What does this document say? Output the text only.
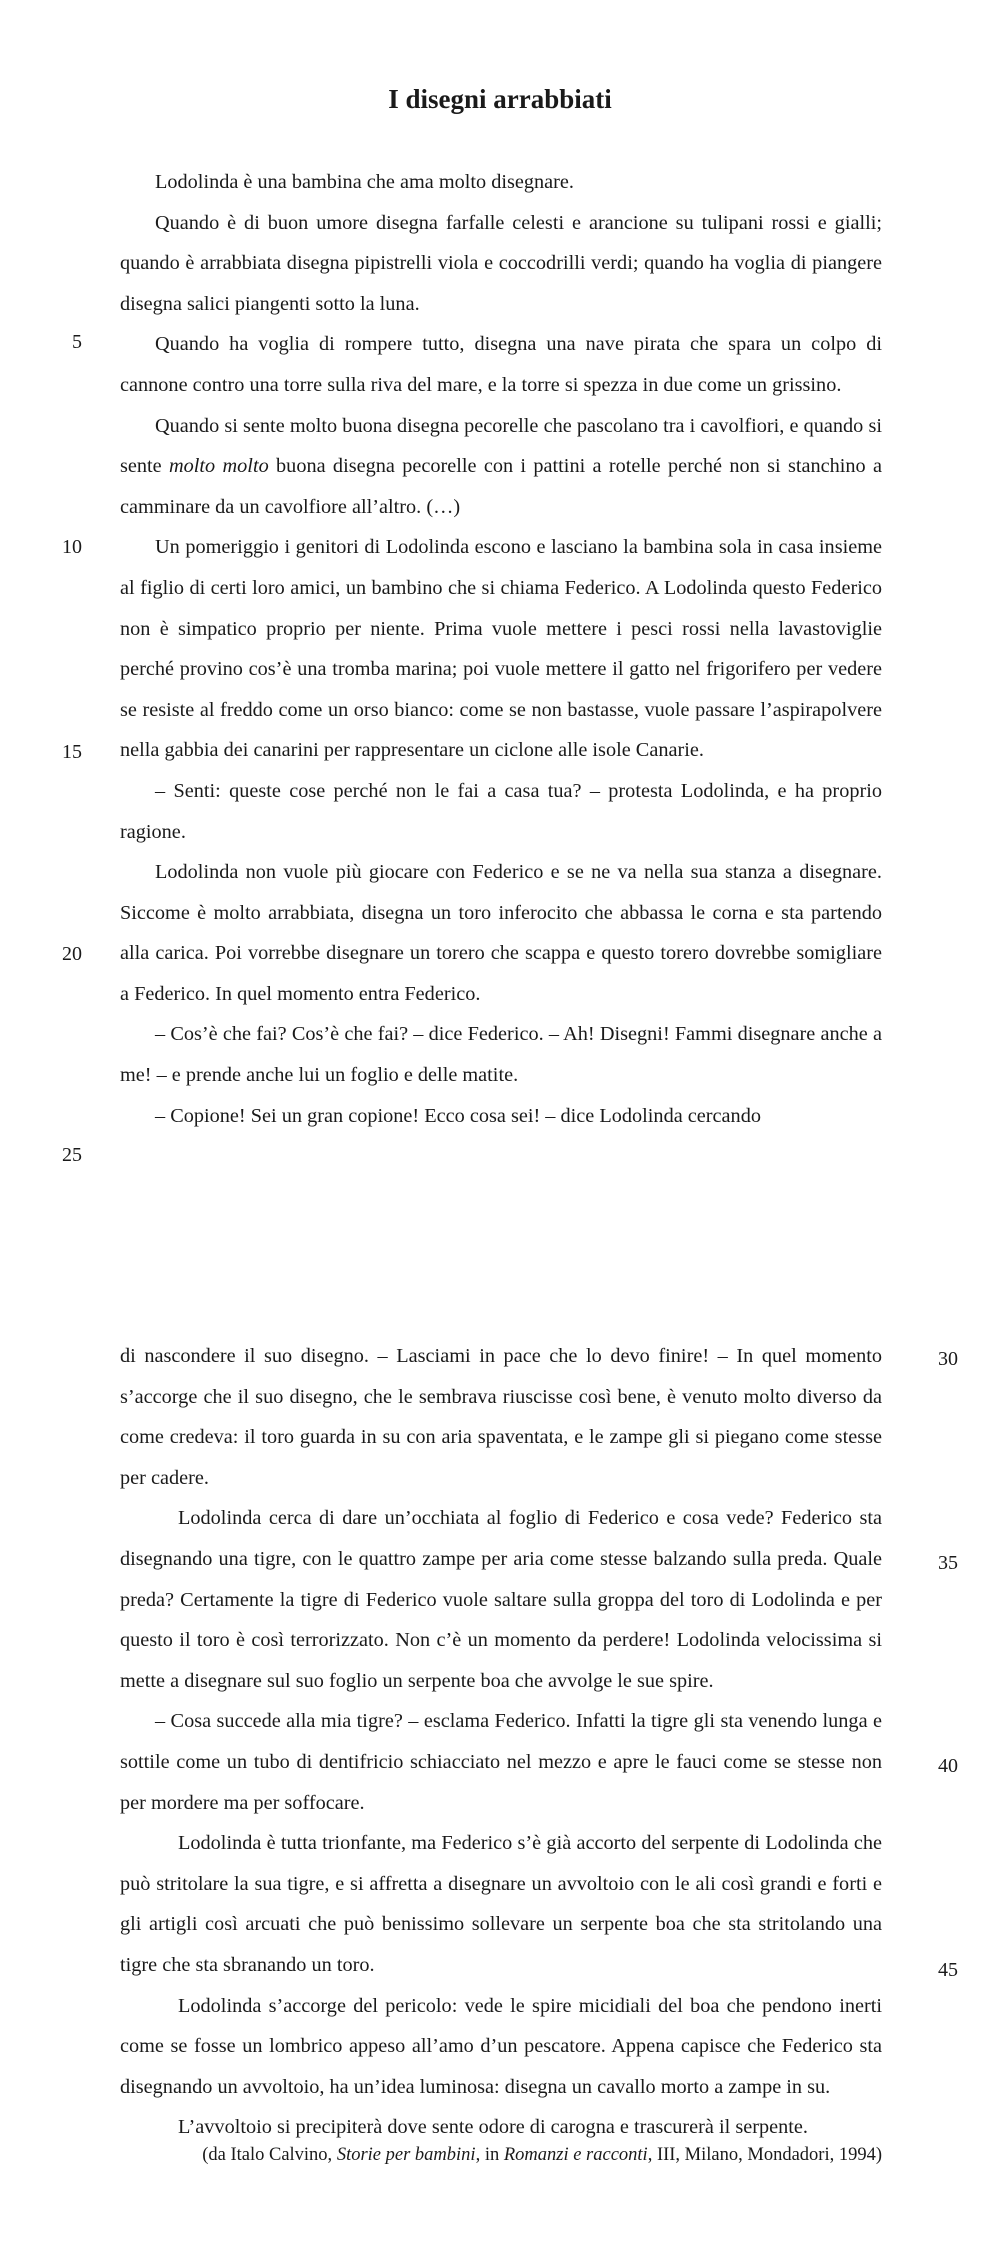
I disegni arrabbiati

Lodolinda è una bambina che ama molto disegnare.

Quando è di buon umore disegna farfalle celesti e arancione su tulipani rossi e gialli; quando è arrabbiata disegna pipistrelli viola e coccodrilli verdi; quando ha voglia di piangere disegna salici piangenti sotto la luna.

Quando ha voglia di rompere tutto, disegna una nave pirata che spara un colpo di cannone contro una torre sulla riva del mare, e la torre si spezza in due come un grissino.

Quando si sente molto buona disegna pecorelle che pascolano tra i cavolfiori, e quando si sente molto molto buona disegna pecorelle con i pattini a rotelle perché non si stanchino a camminare da un cavolfiore all’altro. (…)

Un pomeriggio i genitori di Lodolinda escono e lasciano la bambina sola in casa insieme al figlio di certi loro amici, un bambino che si chiama Federico. A Lodolinda questo Federico non è simpatico proprio per niente. Prima vuole mettere i pesci rossi nella lavastoviglie perché provino cos’è una tromba marina; poi vuole mettere il gatto nel frigorifero per vedere se resiste al freddo come un orso bianco: come se non bastasse, vuole passare l’aspirapolvere nella gabbia dei canarini per rappresentare un ciclone alle isole Canarie.

– Senti: queste cose perché non le fai a casa tua? – protesta Lodolinda, e ha proprio ragione.

Lodolinda non vuole più giocare con Federico e se ne va nella sua stanza a disegnare. Siccome è molto arrabbiata, disegna un toro inferocito che abbassa le corna e sta partendo alla carica. Poi vorrebbe disegnare un torero che scappa e questo torero dovrebbe somigliare a Federico. In quel momento entra Federico.

– Cos’è che fai? Cos’è che fai? – dice Federico. – Ah! Disegni! Fammi disegnare anche a me! – e prende anche lui un foglio e delle matite.

– Copione! Sei un gran copione! Ecco cosa sei! – dice Lodolinda cercando

di nascondere il suo disegno. – Lasciami in pace che lo devo finire! – In quel momento s’accorge che il suo disegno, che le sembrava riuscisse così bene, è venuto molto diverso da come credeva: il toro guarda in su con aria spaventata, e le zampe gli si piegano come stesse per cadere.

Lodolinda cerca di dare un’occhiata al foglio di Federico e cosa vede? Federico sta disegnando una tigre, con le quattro zampe per aria come stesse balzando sulla preda. Quale preda? Certamente la tigre di Federico vuole saltare sulla groppa del toro di Lodolinda e per questo il toro è così terrorizzato. Non c’è un momento da perdere! Lodolinda velocissima si mette a disegnare sul suo foglio un serpente boa che avvolge le sue spire.

– Cosa succede alla mia tigre? – esclama Federico. Infatti la tigre gli sta venendo lunga e sottile come un tubo di dentifricio schiacciato nel mezzo e apre le fauci come se stesse non per mordere ma per soffocare.

Lodolinda è tutta trionfante, ma Federico s’è già accorto del serpente di Lodolinda che può stritolare la sua tigre, e si affretta a disegnare un avvoltoio con le ali così grandi e forti e gli artigli così arcuati che può benissimo sollevare un serpente boa che sta stritolando una tigre che sta sbranando un toro.

Lodolinda s’accorge del pericolo: vede le spire micidiali del boa che pendono inerti come se fosse un lombrico appeso all’amo d’un pescatore. Appena capisce che Federico sta disegnando un avvoltoio, ha un’idea luminosa: disegna un cavallo morto a zampe in su.

L’avvoltoio si precipiterà dove sente odore di carogna e trascurerà il serpente.

5
10
15
20
25
30
35
40
45

(da Italo Calvino, Storie per bambini, in Romanzi e racconti, III, Milano, Mondadori, 1994)
